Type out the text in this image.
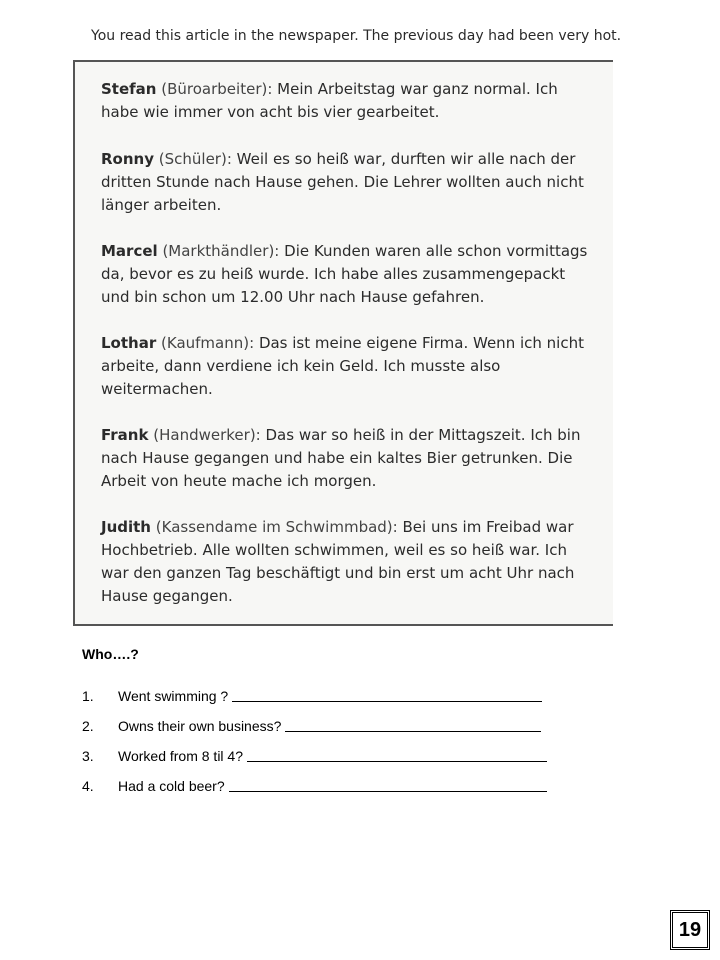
You read this article in the newspaper. The previous day had been very hot.

Stefan (Büroarbeiter): Mein Arbeitstag war ganz normal. Ich habe wie immer von acht bis vier gearbeitet.

Ronny (Schüler): Weil es so heiß war, durften wir alle nach der dritten Stunde nach Hause gehen. Die Lehrer wollten auch nicht länger arbeiten.

Marcel (Markthändler): Die Kunden waren alle schon vormittags da, bevor es zu heiß wurde. Ich habe alles zusammengepackt und bin schon um 12.00 Uhr nach Hause gefahren.

Lothar (Kaufmann): Das ist meine eigene Firma. Wenn ich nicht arbeite, dann verdiene ich kein Geld. Ich musste also weitermachen.

Frank (Handwerker): Das war so heiß in der Mittagszeit. Ich bin nach Hause gegangen und habe ein kaltes Bier getrunken. Die Arbeit von heute mache ich morgen.

Judith (Kassendame im Schwimmbad): Bei uns im Freibad war Hochbetrieb. Alle wollten schwimmen, weil es so heiß war. Ich war den ganzen Tag beschäftigt und bin erst um acht Uhr nach Hause gegangen.

Who….?
1.	Went swimming ?
2.	Owns their own business?
3.	Worked from 8 til 4?
4.	Had a cold beer?
19
